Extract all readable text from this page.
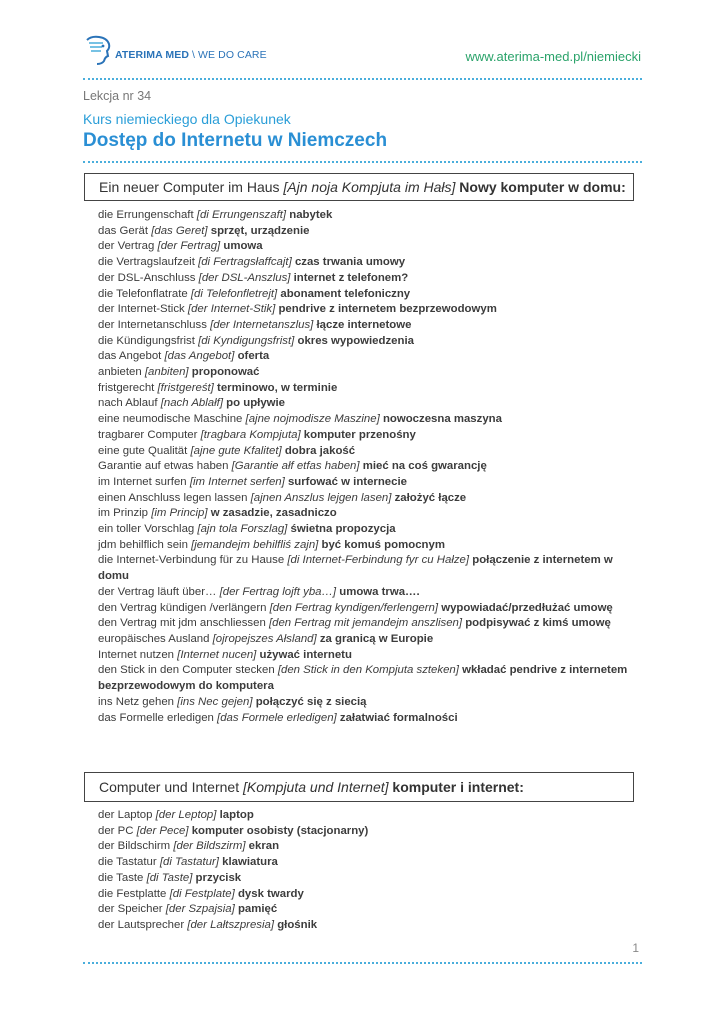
ATERIMA MED \ WE DO CARE	www.aterima-med.pl/niemiecki
Lekcja nr 34
Kurs niemieckiego dla Opiekunek
Dostęp do Internetu w Niemczech
Ein neuer Computer im Haus [Ajn noja Kompjuta im Hałs] Nowy komputer w domu:
die Errungenschaft [di Errungenszaft] nabytek
das Gerät [das Geret] sprzęt, urządzenie
der Vertrag [der Fertrag] umowa
die Vertragslaufzeit [di Fertragsłaffcajt] czas trwania umowy
der DSL-Anschluss [der DSL-Anszlus] internet z telefonem?
die Telefonflatrate [di Telefonfletrejt] abonament telefoniczny
der Internet-Stick [der Internet-Stik] pendrive z internetem bezprzewodowym
der Internetanschluss [der Internetanszlus] łącze internetowe
die Kündigungsfrist [di Kyndigungsfrist] okres wypowiedzenia
das Angebot [das Angebot] oferta
anbieten [anbiten] proponować
fristgerecht [fristgereśt] terminowo, w terminie
nach Ablauf [nach Ablałf] po upływie
eine neumodische Maschine [ajne nojmodisze Maszine] nowoczesna maszyna
tragbarer Computer [tragbara Kompjuta] komputer przenośny
eine gute Qualität [ajne gute Kfalitet] dobra jakość
Garantie auf etwas haben [Garantie ałf etfas haben] mieć na coś gwarancję
im Internet surfen [im Internet serfen] surfować w internecie
einen Anschluss legen lassen [ajnen Anszlus lejgen lasen] założyć łącze
im Prinzip [im Princip] w zasadzie, zasadniczo
ein toller Vorschlag [ajn tola Forszlag] świetna propozycja
jdm behilflich sein [jemandejm behilfliś zajn] być komuś pomocnym
die Internet-Verbindung für zu Hause [di Internet-Ferbindung fyr cu Hałze] połączenie z internetem w domu
der Vertrag läuft über… [der Fertrag lojft yba…] umowa trwa….
den Vertrag kündigen /verlängern [den Fertrag kyndigen/ferlengern] wypowiadać/przedłużać umowę
den Vertrag mit jdm anschliessen [den Fertrag mit jemandejm anszlisen] podpisywać z kimś umowę
europäisches Ausland [ojropejszes Ałsland] za granicą w Europie
Internet nutzen [Internet nucen] używać internetu
den Stick in den Computer stecken [den Stick in den Kompjuta szteken] wkładać pendrive z internetem bezprzewodowym do komputera
ins Netz gehen [ins Nec gejen] połączyć się z siecią
das Formelle erledigen [das Formele erledigen] załatwiać formalności
Computer und Internet [Kompjuta und Internet] komputer i internet:
der Laptop [der Leptop] laptop
der PC [der Pece] komputer osobisty (stacjonarny)
der Bildschirm [der Bildszirm] ekran
die Tastatur [di Tastatur] klawiatura
die Taste [di Taste] przycisk
die Festplatte [di Festplate] dysk twardy
der Speicher [der Szpajsia] pamięć
der Lautsprecher [der Lałtszpresia] głośnik
1
